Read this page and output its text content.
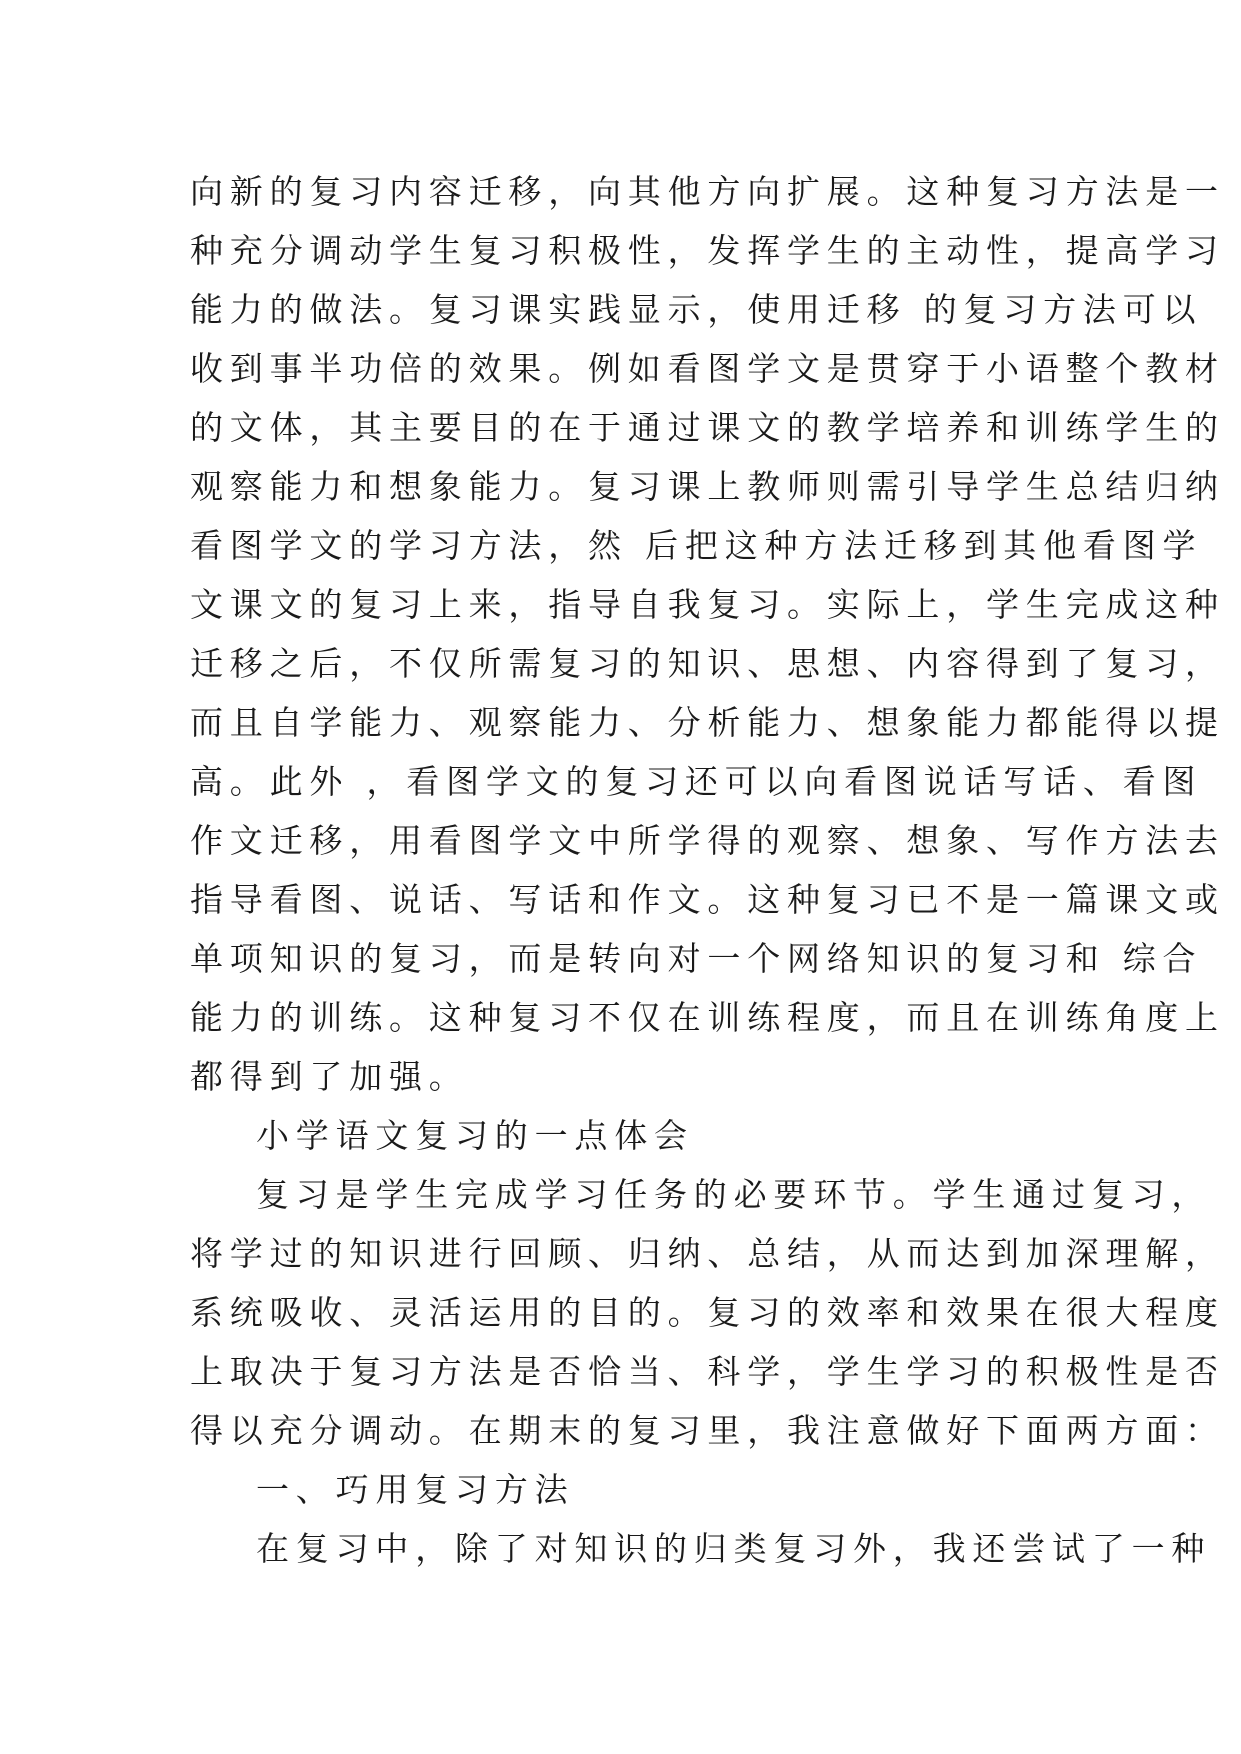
向新的复习内容迁移，向其他方向扩展。这种复习方法是一
种充分调动学生复习积极性，发挥学生的主动性，提高学习
能力的做法。复习课实践显示，使用迁移 的复习方法可以
收到事半功倍的效果。例如看图学文是贯穿于小语整个教材
的文体，其主要目的在于通过课文的教学培养和训练学生的
观察能力和想象能力。复习课上教师则需引导学生总结归纳
看图学文的学习方法，然 后把这种方法迁移到其他看图学
文课文的复习上来，指导自我复习。实际上，学生完成这种
迁移之后，不仅所需复习的知识、思想、内容得到了复习，
而且自学能力、观察能力、分析能力、想象能力都能得以提
高。此外 ，看图学文的复习还可以向看图说话写话、看图
作文迁移，用看图学文中所学得的观察、想象、写作方法去
指导看图、说话、写话和作文。这种复习已不是一篇课文或
单项知识的复习，而是转向对一个网络知识的复习和 综合
能力的训练。这种复习不仅在训练程度，而且在训练角度上
都得到了加强。
小学语文复习的一点体会
复习是学生完成学习任务的必要环节。学生通过复习，
将学过的知识进行回顾、归纳、总结，从而达到加深理解，
系统吸收、灵活运用的目的。复习的效率和效果在很大程度
上取决于复习方法是否恰当、科学，学生学习的积极性是否
得以充分调动。在期末的复习里，我注意做好下面两方面：
一、巧用复习方法
在复习中，除了对知识的归类复习外，我还尝试了一种
